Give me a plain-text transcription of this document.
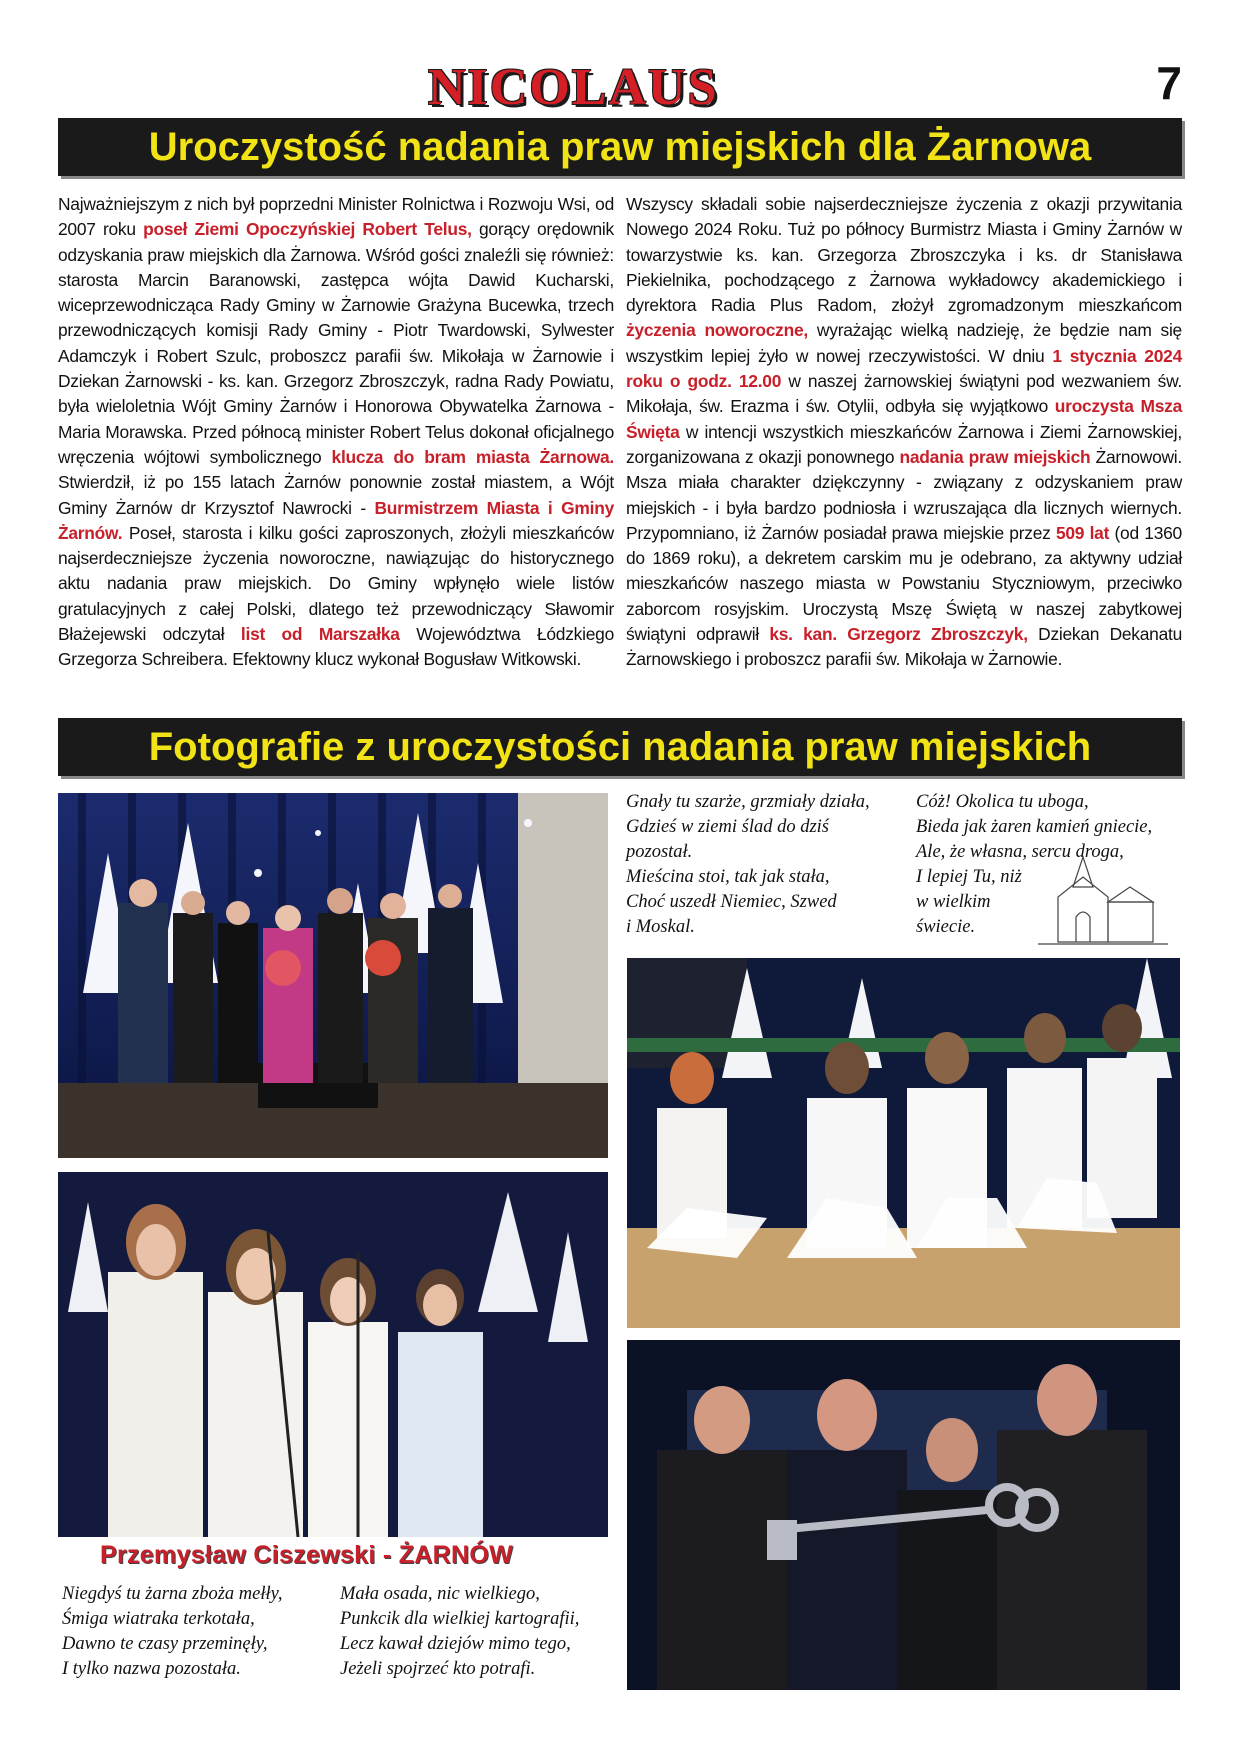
NICOLAUS	7
Uroczystość nadania praw miejskich dla Żarnowa

Najważniejszym z nich był poprzedni Minister Rolnictwa i Rozwoju Wsi, od 2007 roku poseł Ziemi Opoczyńskiej Robert Telus, gorący orędownik odzyskania praw miejskich dla Żarnowa. Wśród gości znaleźli się również: starosta Marcin Baranowski, zastępca wójta Dawid Kucharski, wiceprzewodnicząca Rady Gminy w Żarnowie Grażyna Bucewka, trzech przewodniczących komisji Rady Gminy - Piotr Twardowski, Sylwester Adamczyk i Robert Szulc, proboszcz parafii św. Mikołaja w Żarnowie i Dziekan Żarnowski - ks. kan. Grzegorz Zbroszczyk, radna Rady Powiatu, była wieloletnia Wójt Gminy Żarnów i Honorowa Obywatelka Żarnowa - Maria Morawska. Przed północą minister Robert Telus dokonał oficjalnego wręczenia wójtowi symbolicznego klucza do bram miasta Żarnowa. Stwierdził, iż po 155 latach Żarnów ponownie został miastem, a Wójt Gminy Żarnów dr Krzysztof Nawrocki - Burmistrzem Miasta i Gminy Żarnów. Poseł, starosta i kilku gości zaproszonych, złożyli mieszkańców najserdeczniejsze życzenia noworoczne, nawiązując do historycznego aktu nadania praw miejskich. Do Gminy wpłynęło wiele listów gratulacyjnych z całej Polski, dlatego też przewodniczący Sławomir Błażejewski odczytał list od Marszałka Województwa Łódzkiego Grzegorza Schreibera. Efektowny klucz wykonał Bogusław Witkowski.

Wszyscy składali sobie najserdeczniejsze życzenia z okazji przywitania Nowego 2024 Roku. Tuż po północy Burmistrz Miasta i Gminy Żarnów w towarzystwie ks. kan. Grzegorza Zbroszczyka i ks. dr Stanisława Piekielnika, pochodzącego z Żarnowa wykładowcy akademickiego i dyrektora Radia Plus Radom, złożył zgromadzonym mieszkańcom życzenia noworoczne, wyrażając wielką nadzieję, że będzie nam się wszystkim lepiej żyło w nowej rzeczywistości. W dniu 1 stycznia 2024 roku o godz. 12.00 w naszej żarnowskiej świątyni pod wezwaniem św. Mikołaja, św. Erazma i św. Otylii, odbyła się wyjątkowo uroczysta Msza Święta w intencji wszystkich mieszkańców Żarnowa i Ziemi Żarnowskiej, zorganizowana z okazji ponownego nadania praw miejskich Żarnowowi. Msza miała charakter dziękczynny - związany z odzyskaniem praw miejskich - i była bardzo podniosła i wzruszająca dla licznych wiernych. Przypomniano, iż Żarnów posiadał prawa miejskie przez 509 lat (od 1360 do 1869 roku), a dekretem carskim mu je odebrano, za aktywny udział mieszkańców naszego miasta w Powstaniu Styczniowym, przeciwko zaborcom rosyjskim. Uroczystą Mszę Świętą w naszej zabytkowej świątyni odprawił ks. kan. Grzegorz Zbroszczyk, Dziekan Dekanatu Żarnowskiego i proboszcz parafii św. Mikołaja w Żarnowie.

Fotografie z uroczystości nadania praw miejskich
Gnały tu szarże, grzmiały działa,
Gdzieś w ziemi ślad do dziś
pozostał.
Mieścina stoi, tak jak stała,
Choć uszedł Niemiec, Szwed
i Moskal.
Cóż! Okolica tu uboga,
Bieda jak żaren kamień gniecie,
Ale, że własna, sercu droga,
I lepiej Tu, niż
w wielkim
świecie.
Przemysław Ciszewski - ŻARNÓW
Niegdyś tu żarna zboża mełły,
Śmiga wiatraka terkotała,
Dawno te czasy przeminęły,
I tylko nazwa pozostała.
Mała osada, nic wielkiego,
Punkcik dla wielkiej kartografii,
Lecz kawał dziejów mimo tego,
Jeżeli spojrzeć kto potrafi.
